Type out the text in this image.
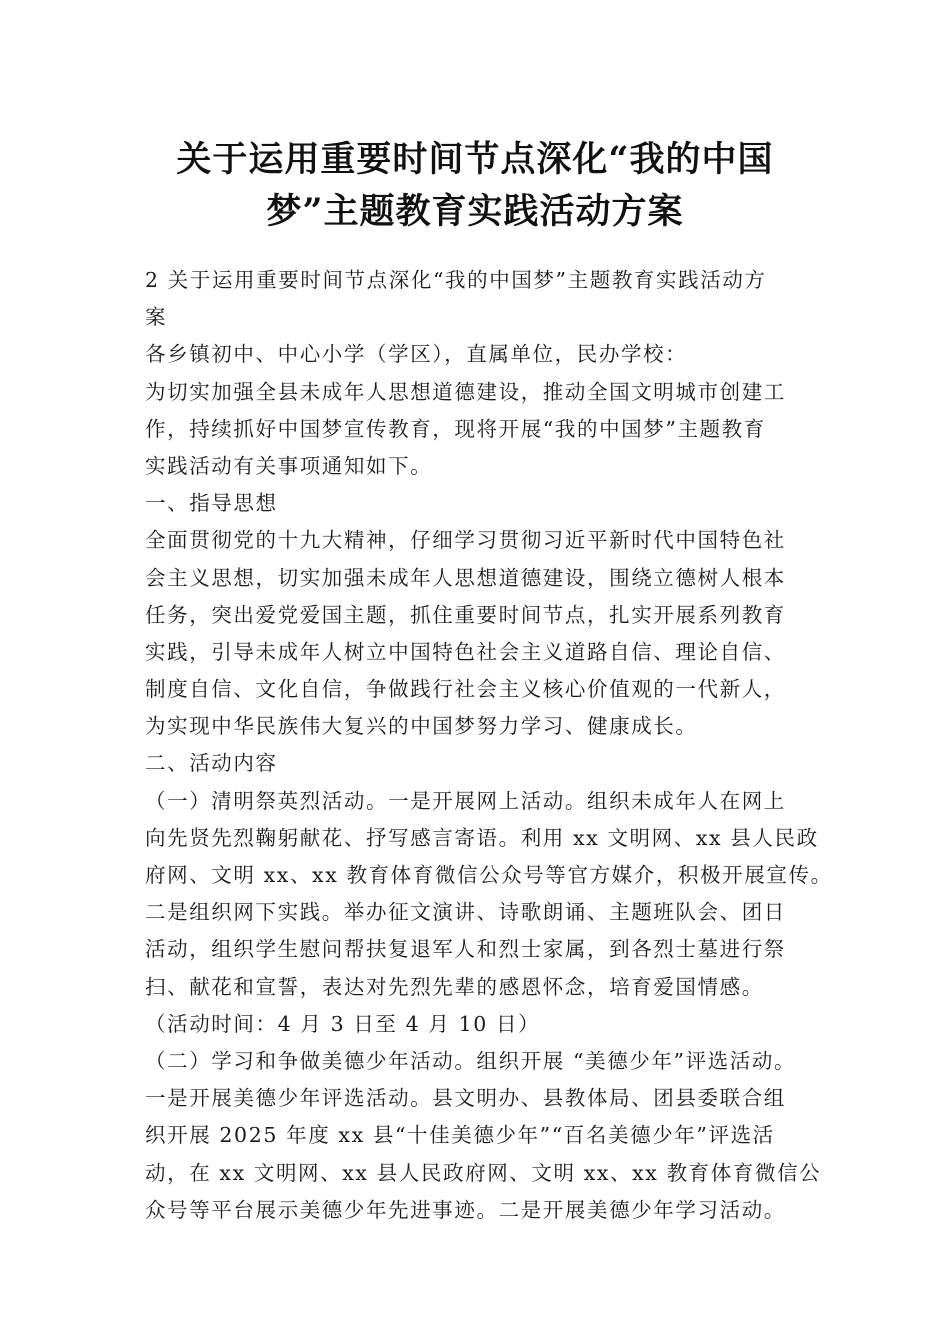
关于运用重要时间节点深化“我的中国
梦”主题教育实践活动方案
2 关于运用重要时间节点深化“我的中国梦”主题教育实践活动方
案
各乡镇初中、中心小学（学区），直属单位，民办学校：
为切实加强全县未成年人思想道德建设，推动全国文明城市创建工
作，持续抓好中国梦宣传教育，现将开展“我的中国梦”主题教育
实践活动有关事项通知如下。
一、指导思想
全面贯彻党的十九大精神，仔细学习贯彻习近平新时代中国特色社
会主义思想，切实加强未成年人思想道德建设，围绕立德树人根本
任务，突出爱党爱国主题，抓住重要时间节点，扎实开展系列教育
实践，引导未成年人树立中国特色社会主义道路自信、理论自信、
制度自信、文化自信，争做践行社会主义核心价值观的一代新人，
为实现中华民族伟大复兴的中国梦努力学习、健康成长。
二、活动内容
（一）清明祭英烈活动。一是开展网上活动。组织未成年人在网上
向先贤先烈鞠躬献花、抒写感言寄语。利用 xx 文明网、xx 县人民政
府网、文明 xx、xx 教育体育微信公众号等官方媒介，积极开展宣传。
二是组织网下实践。举办征文演讲、诗歌朗诵、主题班队会、团日
活动，组织学生慰问帮扶复退军人和烈士家属，到各烈士墓进行祭
扫、献花和宣誓，表达对先烈先辈的感恩怀念，培育爱国情感。
（活动时间：4 月 3 日至 4 月 10 日）
（二）学习和争做美德少年活动。组织开展 “美德少年”评选活动。
一是开展美德少年评选活动。县文明办、县教体局、团县委联合组
织开展 2025 年度 xx 县“十佳美德少年”“百名美德少年”评选活
动，在 xx 文明网、xx 县人民政府网、文明 xx、xx 教育体育微信公
众号等平台展示美德少年先进事迹。二是开展美德少年学习活动。
